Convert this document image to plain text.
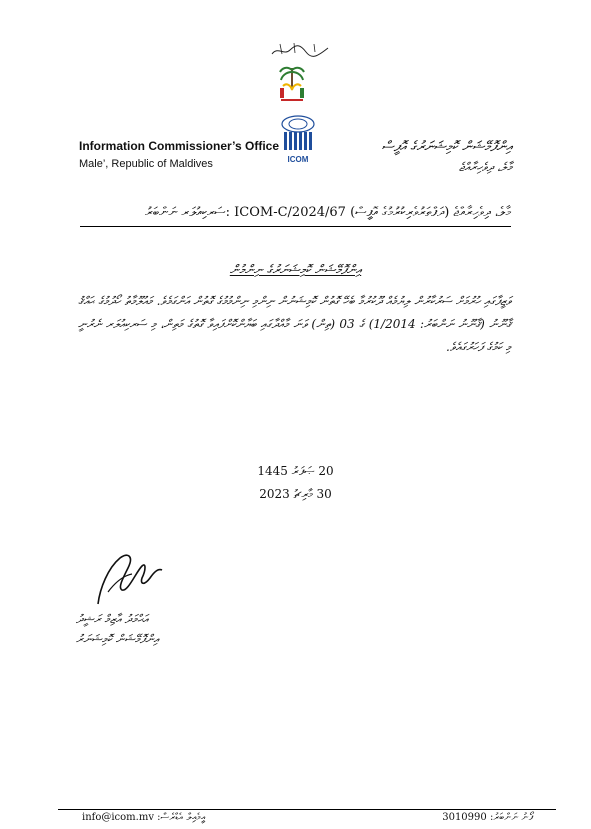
ICOM
Information Commissioner’s Office
Male’, Republic of Maldives
އިންފޮމޭޝަން ކޮމިޝަނަރުގެ އޮފީސް
މާލެ، ދިވެހިރާއްޖެ
ސަރކިއުލަރ ނަންބަރު: ICOM-C/2024/67 (ދަފްތަރުވެރިކުރުމުގެ އޮފީސް) މާލެ، ދިވެހިރާއްޖެ
އިންފޮމޭޝަން ކޮމިޝަނަރުގެ ނިންމުން

ވަޒީފާގައި ހުރުމަށް ސަރުކާރުން ލިޔުމެއް ދޫކުރުމާ ބެހޭ ގޮތުން ކޮމިޝަނުން ނިންމި ނިންމުމުގެ ގޮތުން އަންގަމެވެ. މައުލޫމާތު ހޯދުމުގެ ޙައްޤު ޤާނޫނު (ޤާނޫނު ނަންބަރު: 1/2014) ގެ 03 (ތިން) ވަނަ މާއްދާގައި ބަޔާންކޮށްފައިވާ ގޮތުގެ މަތިން، މި ސަރކިއުލަރ ނެރުނީ މި ކަމުގެ ފަހަރުގައެވެ.

20 ޞަފަރު 1445
30 މާރިޗު 2023
އަޙްމަދު އާޒިމް ރަޝީދު
އިންފޮމޭޝަން ކޮމިޝަނަރު
info@icom.mv :އީމެއިލް އެޑްރެސް	ފޯނު ނަންބަރު: 3010990
